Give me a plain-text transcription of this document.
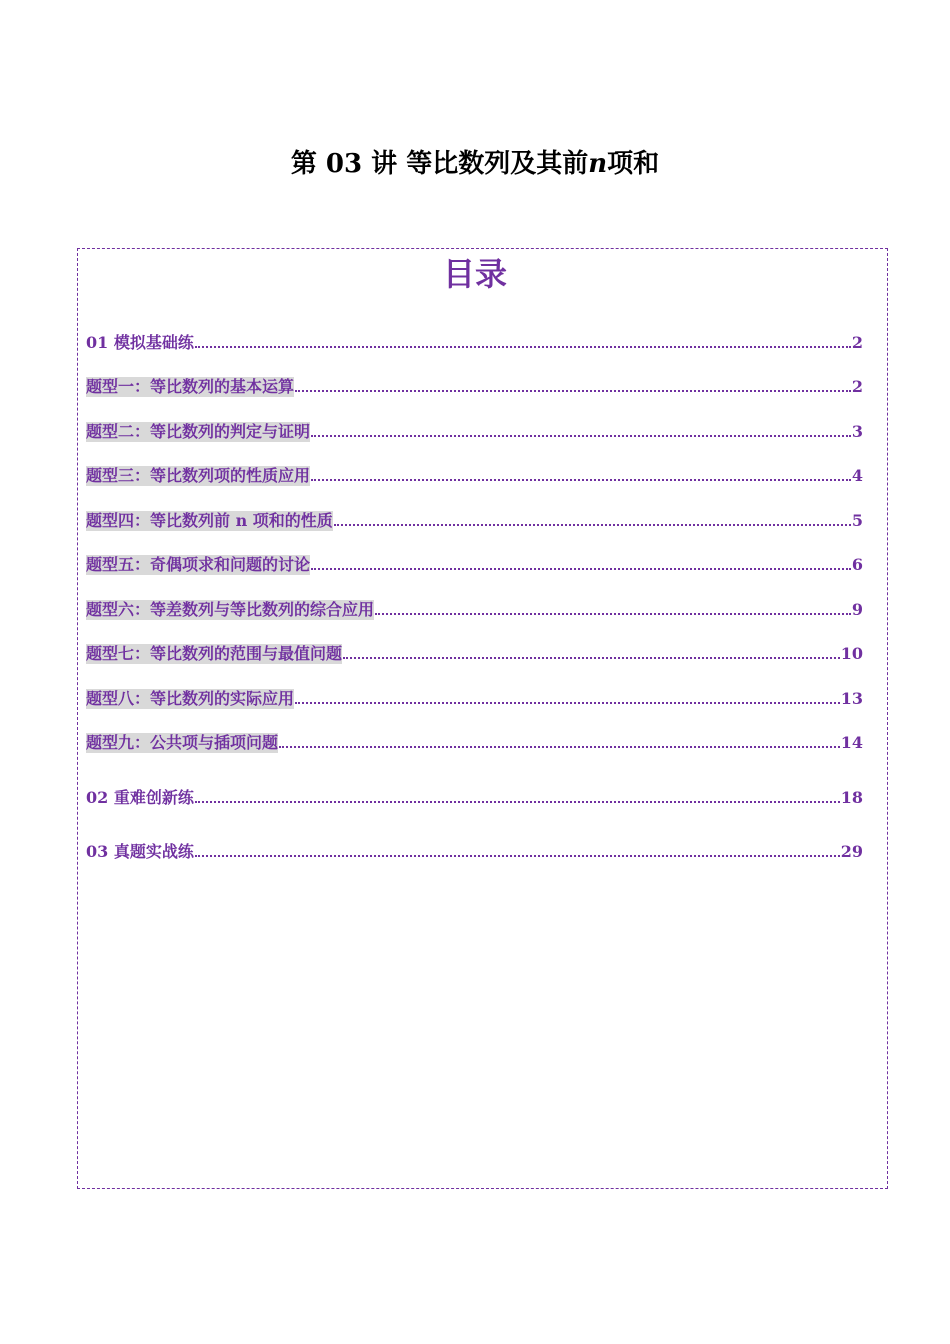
第 03 讲 等比数列及其前n项和
目录
01 模拟基础练	2
题型一：等比数列的基本运算	2
题型二：等比数列的判定与证明	3
题型三：等比数列项的性质应用	4
题型四：等比数列前 n 项和的性质	5
题型五：奇偶项求和问题的讨论	6
题型六：等差数列与等比数列的综合应用	9
题型七：等比数列的范围与最值问题	10
题型八：等比数列的实际应用	13
题型九：公共项与插项问题	14
02 重难创新练	18
03 真题实战练	29
